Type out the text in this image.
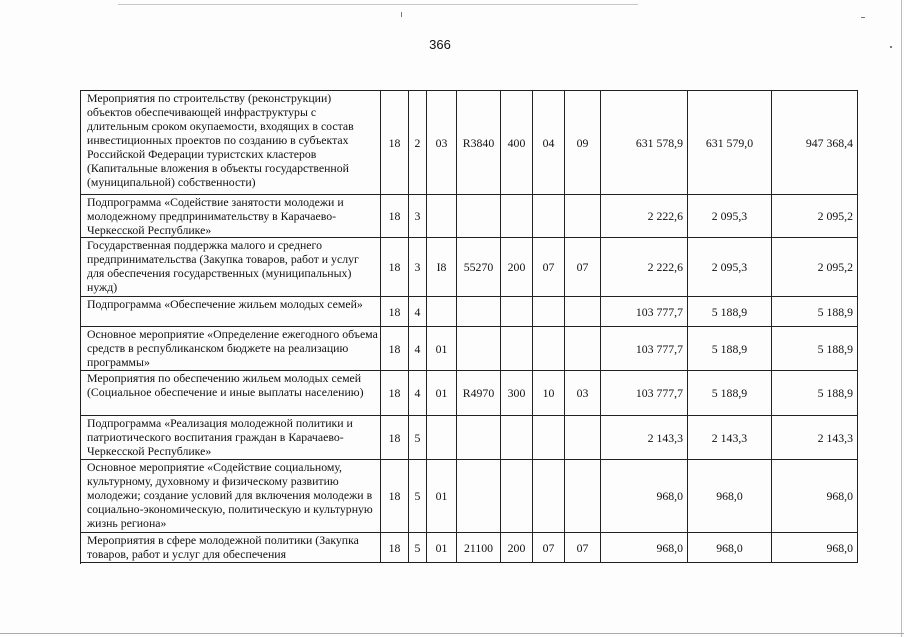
366
Мероприятия по строительству (реконструкции) объектов обеспечивающей инфраструктуры с длительным сроком окупаемости, входящих в состав инвестиционных проектов по созданию в субъектах Российской Федерации туристских кластеров (Капитальные вложения в объекты государственной (муниципальной) собственности)	18	2	03	R3840	400	04	09	631 578,9	631 579,0	947 368,4
Подпрограмма «Содействие занятости молодежи и молодежному предпринимательству в Карачаево-Черкесской Республике»	18	3						2 222,6	2 095,3	2 095,2
Государственная поддержка малого и среднего предпринимательства (Закупка товаров, работ и услуг для обеспечения государственных (муниципальных) нужд)	18	3	I8	55270	200	07	07	2 222,6	2 095,3	2 095,2
Подпрограмма «Обеспечение жильем молодых семей»	18	4						103 777,7	5 188,9	5 188,9
Основное мероприятие «Определение ежегодного объема средств в республиканском бюджете на реализацию программы»	18	4	01					103 777,7	5 188,9	5 188,9
Мероприятия по обеспечению жильем молодых семей (Социальное обеспечение и иные выплаты населению)	18	4	01	R4970	300	10	03	103 777,7	5 188,9	5 188,9
Подпрограмма «Реализация молодежной политики и патриотического воспитания граждан в Карачаево-Черкесской Республике»	18	5						2 143,3	2 143,3	2 143,3
Основное мероприятие «Содействие социальному, культурному, духовному и физическому развитию молодежи; создание условий для включения молодежи в социально-экономическую, политическую и культурную жизнь региона»	18	5	01					968,0	968,0	968,0
Мероприятия в сфере молодежной политики (Закупка товаров, работ и услуг для обеспечения	18	5	01	21100	200	07	07	968,0	968,0	968,0
